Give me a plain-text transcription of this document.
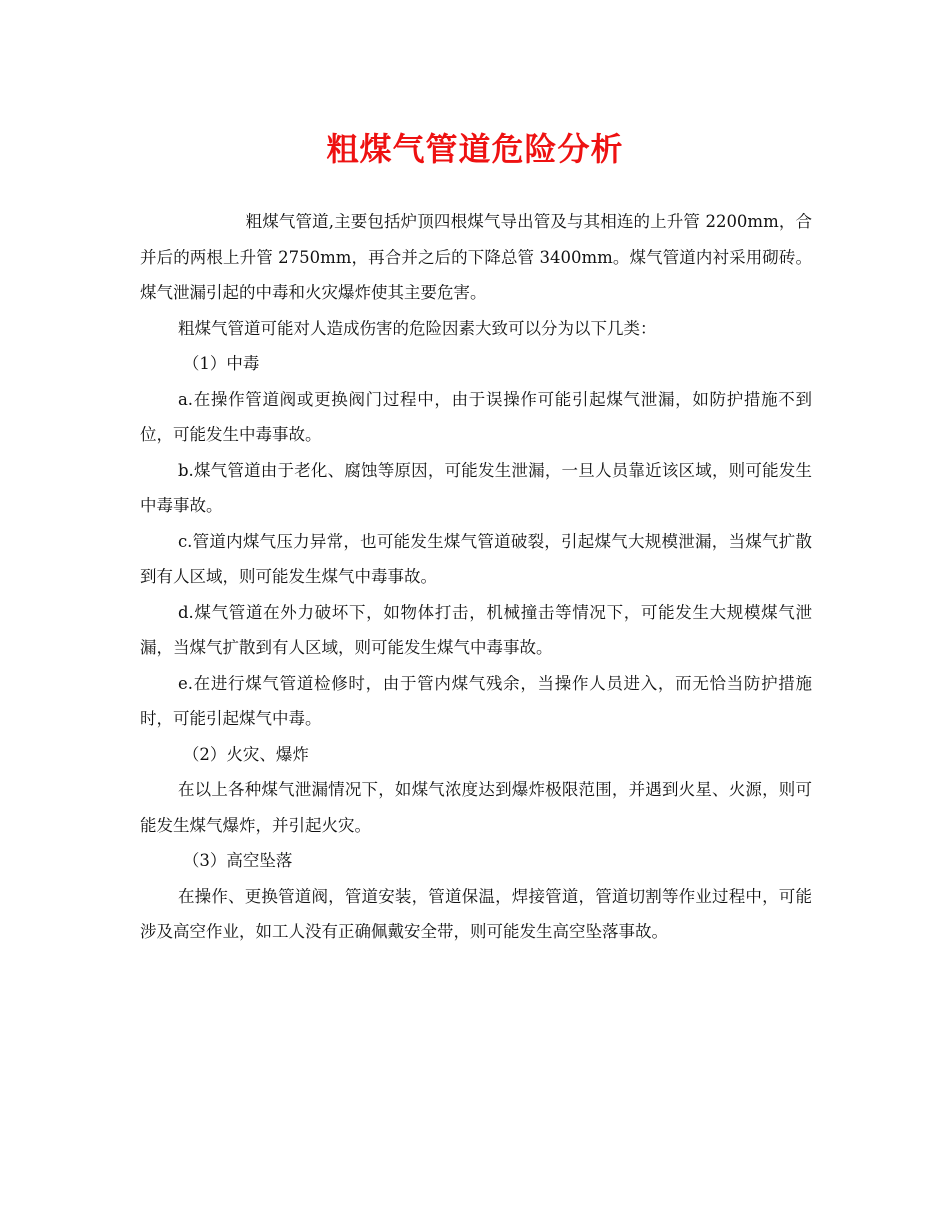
粗煤气管道危险分析

粗煤气管道,主要包括炉顶四根煤气导出管及与其相连的上升管 2200mm，合并后的两根上升管 2750mm，再合并之后的下降总管 3400mm。煤气管道内衬采用砌砖。煤气泄漏引起的中毒和火灾爆炸使其主要危害。

粗煤气管道可能对人造成伤害的危险因素大致可以分为以下几类：

（1）中毒

a.在操作管道阀或更换阀门过程中，由于误操作可能引起煤气泄漏，如防护措施不到位，可能发生中毒事故。

b.煤气管道由于老化、腐蚀等原因，可能发生泄漏，一旦人员靠近该区域，则可能发生中毒事故。

c.管道内煤气压力异常，也可能发生煤气管道破裂，引起煤气大规模泄漏，当煤气扩散到有人区域，则可能发生煤气中毒事故。

d.煤气管道在外力破坏下，如物体打击，机械撞击等情况下，可能发生大规模煤气泄漏，当煤气扩散到有人区域，则可能发生煤气中毒事故。

e.在进行煤气管道检修时，由于管内煤气残余，当操作人员进入，而无恰当防护措施时，可能引起煤气中毒。

（2）火灾、爆炸

在以上各种煤气泄漏情况下，如煤气浓度达到爆炸极限范围，并遇到火星、火源，则可能发生煤气爆炸，并引起火灾。

（3）高空坠落

在操作、更换管道阀，管道安装，管道保温，焊接管道，管道切割等作业过程中，可能涉及高空作业，如工人没有正确佩戴安全带，则可能发生高空坠落事故。
